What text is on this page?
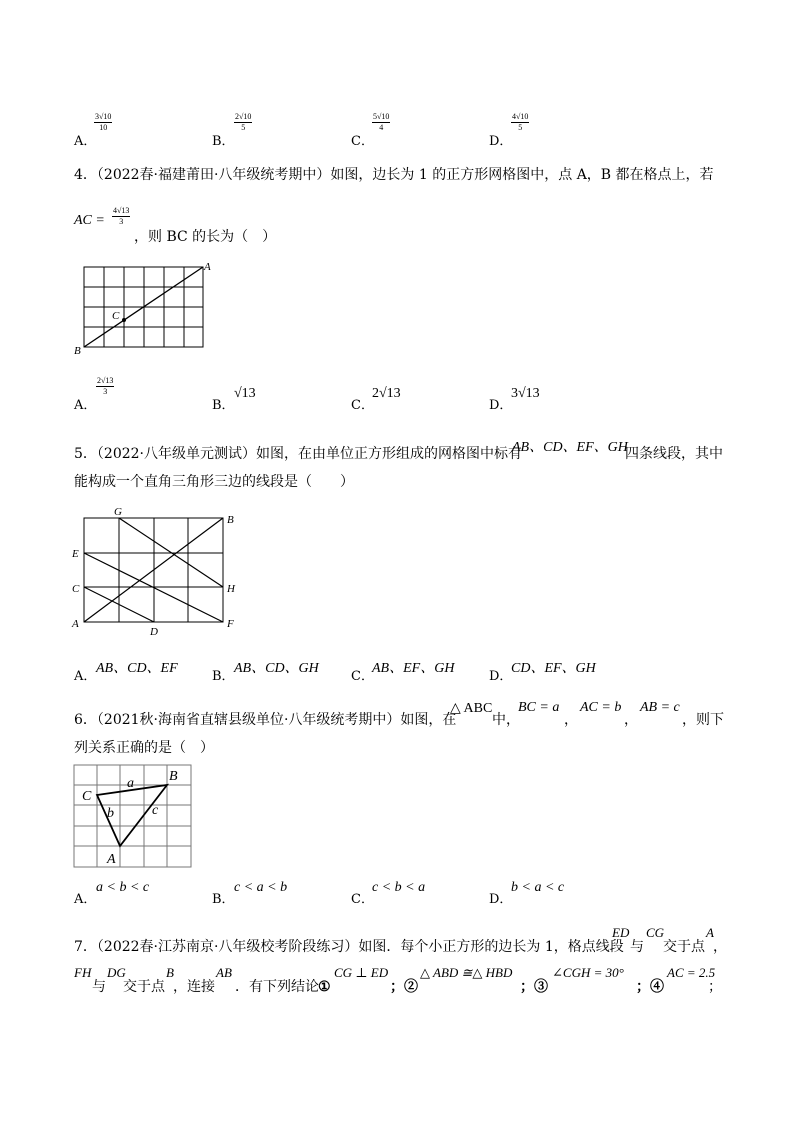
A．
$\frac{3√10}{10}$
B．
$\frac{2√10}{5}$
C．
$\frac{5√10}{4}$
D．
$\frac{4√10}{5}$
4．（2022春·福建莆田·八年级统考期中）如图，边长为 1 的正方形网格图中，点 A，B 都在格点上，若
AC = $\frac{4√13}{3}$
，则 BC 的长为（　）
A
B
C
A．
$\frac{2√13}{3}$
B．
√13
C．
2√13
D．
3√13
5．（2022·八年级单元测试）如图，在由单位正方形组成的网格图中标有
AB、CD、EF、GH
四条线段，其中
能构成一个直角三角形三边的线段是（　　）
G
B
E
C	H
A
D
F
A．
AB、CD、EF
B．
AB、CD、GH
C．
AB、EF、GH
D．
CD、EF、GH
6．（2021秋·海南省直辖县级单位·八年级统考期中）如图，在
△ ABC
中，
BC = a
，
AC = b
，
AB = c
，则下
列关系正确的是（　）
C
B
A
a
b	c
A．
a < b < c
B．
c < a < b
C．
c < b < a
D．
b < a < c
7．（2022春·江苏南京·八年级校考阶段练习）如图．每个小正方形的边长为 1，格点线段
ED
与
CG
交于点
A
，
FH
与
DG
交于点
B
，连接
AB
．有下列结论 ①
CG ⊥ ED
；②
△ ABD ≅△ HBD
；③
∠CGH = 30°
；④
AC = 2.5
；
